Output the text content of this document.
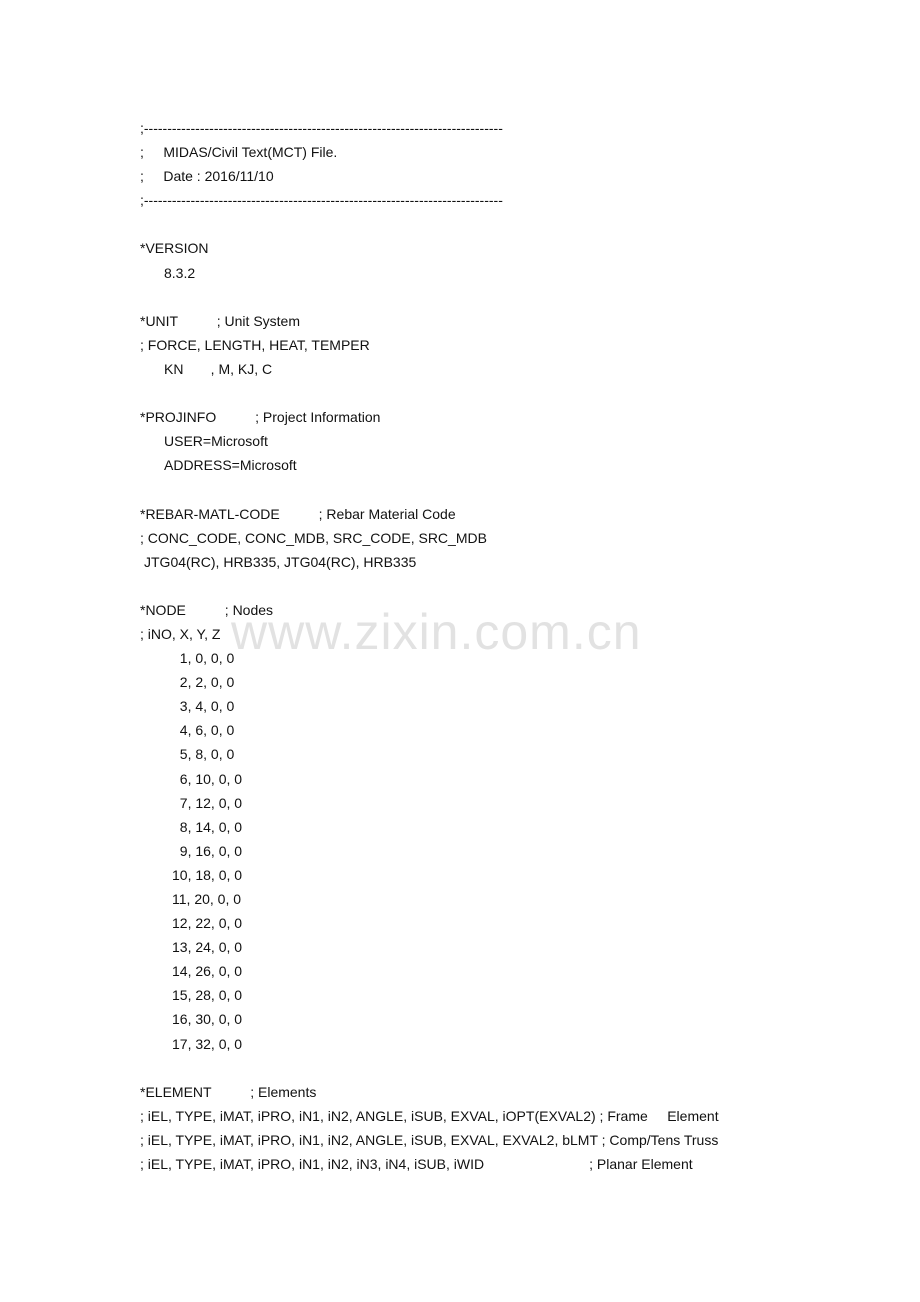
;-----------------------------------------------------------------------------
;     MIDAS/Civil Text(MCT) File.
;     Date : 2016/11/10
;-----------------------------------------------------------------------------
*VERSION
8.3.2
*UNIT          ; Unit System
; FORCE, LENGTH, HEAT, TEMPER
KN       , M, KJ, C
*PROJINFO          ; Project Information
USER=Microsoft
ADDRESS=Microsoft
*REBAR-MATL-CODE          ; Rebar Material Code
; CONC_CODE, CONC_MDB, SRC_CODE, SRC_MDB
JTG04(RC), HRB335, JTG04(RC), HRB335
*NODE          ; Nodes
; iNO, X, Y, Z
1, 0, 0, 0
2, 2, 0, 0
3, 4, 0, 0
4, 6, 0, 0
5, 8, 0, 0
6, 10, 0, 0
7, 12, 0, 0
8, 14, 0, 0
9, 16, 0, 0
10, 18, 0, 0
11, 20, 0, 0
12, 22, 0, 0
13, 24, 0, 0
14, 26, 0, 0
15, 28, 0, 0
16, 30, 0, 0
17, 32, 0, 0
*ELEMENT          ; Elements
; iEL, TYPE, iMAT, iPRO, iN1, iN2, ANGLE, iSUB, EXVAL, iOPT(EXVAL2) ; Frame     Element
; iEL, TYPE, iMAT, iPRO, iN1, iN2, ANGLE, iSUB, EXVAL, EXVAL2, bLMT ; Comp/Tens Truss
; iEL, TYPE, iMAT, iPRO, iN1, iN2, iN3, iN4, iSUB, iWID                           ; Planar Element
www.zixin.com.cn
